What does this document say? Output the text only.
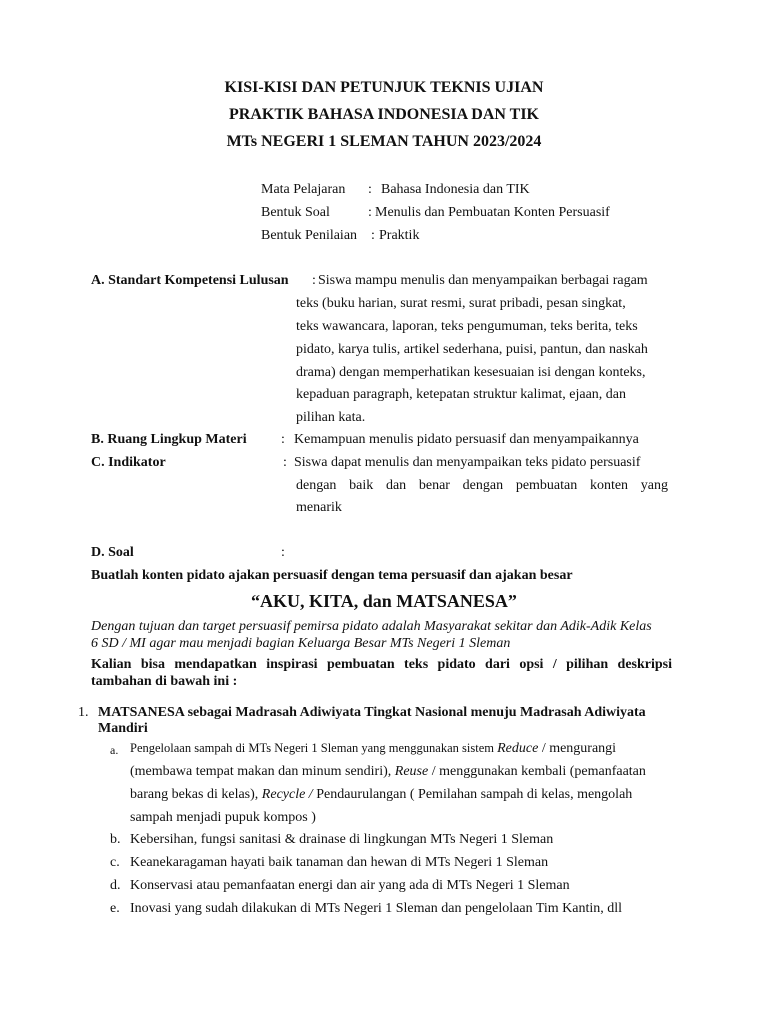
KISI-KISI DAN PETUNJUK TEKNIS UJIAN
PRAKTIK BAHASA INDONESIA DAN TIK
MTs NEGERI 1 SLEMAN TAHUN 2023/2024
Mata Pelajaran : Bahasa Indonesia dan TIK
Bentuk Soal	: Menulis dan Pembuatan Konten Persuasif
Bentuk Penilaian : Praktik
A. Standart Kompetensi Lulusan : Siswa mampu menulis dan menyampaikan berbagai ragam
teks (buku harian, surat resmi, surat pribadi, pesan singkat,
teks wawancara, laporan, teks pengumuman, teks berita, teks
pidato, karya tulis, artikel sederhana, puisi, pantun, dan naskah
drama) dengan memperhatikan kesesuaian isi dengan konteks,
kepaduan paragraph, ketepatan struktur kalimat, ejaan, dan
pilihan kata.
B. Ruang Lingkup Materi : Kemampuan menulis pidato persuasif dan menyampaikannya
C. Indikator	: Siswa dapat menulis dan menyampaikan teks pidato persuasif
dengan baik dan benar dengan pembuatan konten yang
menarik
D. Soal	:
Buatlah konten pidato ajakan persuasif dengan tema persuasif dan ajakan besar
“AKU, KITA, dan MATSANESA”
Dengan tujuan dan target persuasif pemirsa pidato adalah Masyarakat sekitar dan Adik-Adik Kelas
6 SD / MI agar mau menjadi bagian Keluarga Besar MTs Negeri 1 Sleman
Kalian bisa mendapatkan inspirasi pembuatan teks pidato dari opsi / pilihan deskripsi
tambahan di bawah ini :
1. MATSANESA sebagai Madrasah Adiwiyata Tingkat Nasional menuju Madrasah Adiwiyata
Mandiri
a. Pengelolaan sampah di MTs Negeri 1 Sleman yang menggunakan sistem Reduce / mengurangi
(membawa tempat makan dan minum sendiri), Reuse / menggunakan kembali (pemanfaatan
barang bekas di kelas), Recycle / Pendaurulangan ( Pemilahan sampah di kelas, mengolah
sampah menjadi pupuk kompos )
b. Kebersihan, fungsi sanitasi & drainase di lingkungan MTs Negeri 1 Sleman
c. Keanekaragaman hayati baik tanaman dan hewan di MTs Negeri 1 Sleman
d. Konservasi atau pemanfaatan energi dan air yang ada di MTs Negeri 1 Sleman
e. Inovasi yang sudah dilakukan di MTs Negeri 1 Sleman dan pengelolaan Tim Kantin, dll
